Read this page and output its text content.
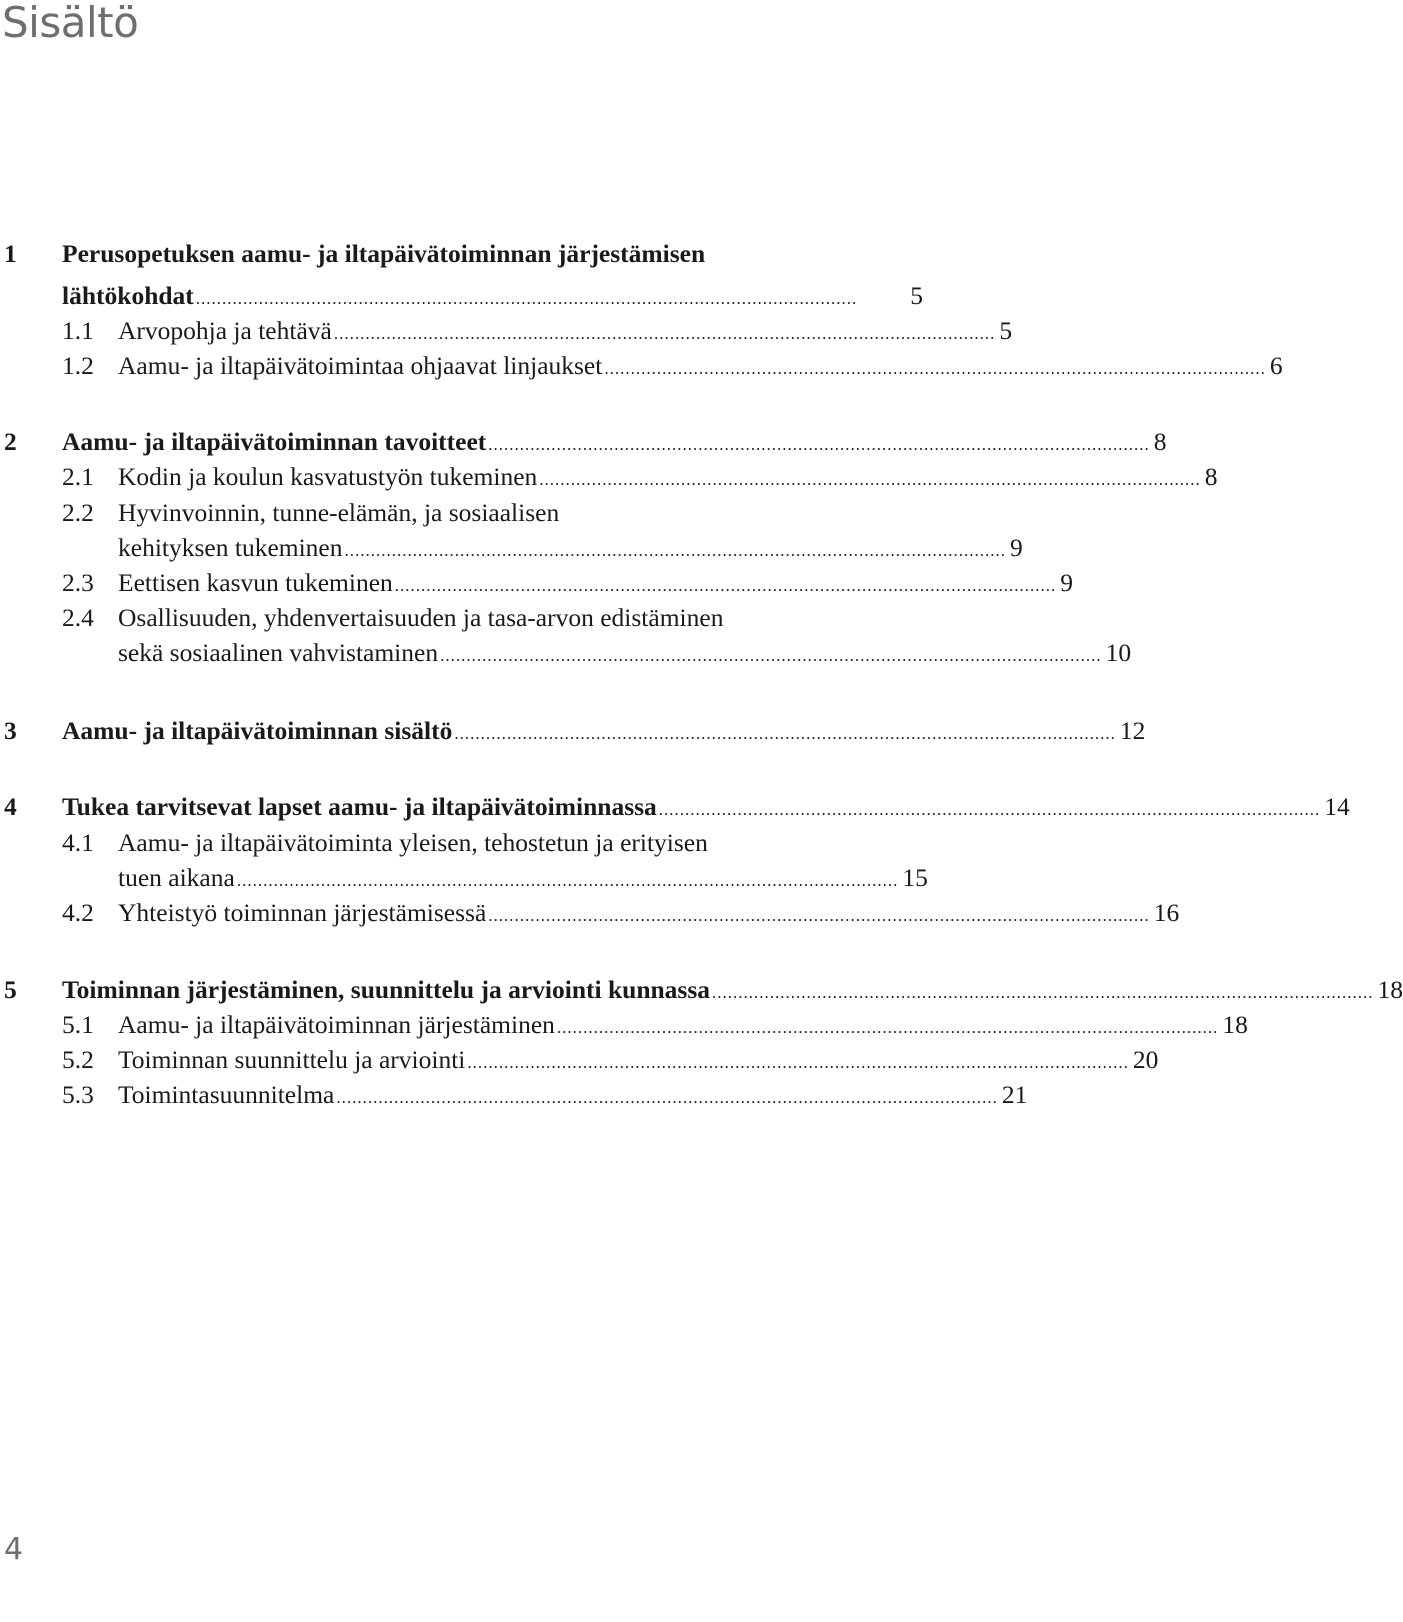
Sisältö
1 Perusopetuksen aamu- ja iltapäivätoiminnan järjestämisen
lähtökohdat ..............................................................................................................................	5
1.1 Arvopohja ja tehtävä .............................................................................................................................. 5
1.2 Aamu- ja iltapäivätoimintaa ohjaavat linjaukset .............................................................................................................................. 6
2 Aamu- ja iltapäivätoiminnan tavoitteet .............................................................................................................................. 8
2.1 Kodin ja koulun kasvatustyön tukeminen .............................................................................................................................. 8
2.2 Hyvinvoinnin, tunne-elämän, ja sosiaalisen
kehityksen tukeminen .............................................................................................................................. 9
2.3 Eettisen kasvun tukeminen .............................................................................................................................. 9
2.4 Osallisuuden, yhdenvertaisuuden ja tasa-arvon edistäminen
sekä sosiaalinen vahvistaminen .............................................................................................................................. 10
3 Aamu- ja iltapäivätoiminnan sisältö .............................................................................................................................. 12
4 Tukea tarvitsevat lapset aamu- ja iltapäivätoiminnassa .............................................................................................................................. 14
4.1 Aamu- ja iltapäivätoiminta yleisen, tehostetun ja erityisen
tuen aikana .............................................................................................................................. 15
4.2 Yhteistyö toiminnan järjestämisessä .............................................................................................................................. 16
5 Toiminnan järjestäminen, suunnittelu ja arviointi kunnassa .............................................................................................................................. 18
5.1 Aamu- ja iltapäivätoiminnan järjestäminen .............................................................................................................................. 18
5.2 Toiminnan suunnittelu ja arviointi .............................................................................................................................. 20
5.3 Toimintasuunnitelma .............................................................................................................................. 21
4
